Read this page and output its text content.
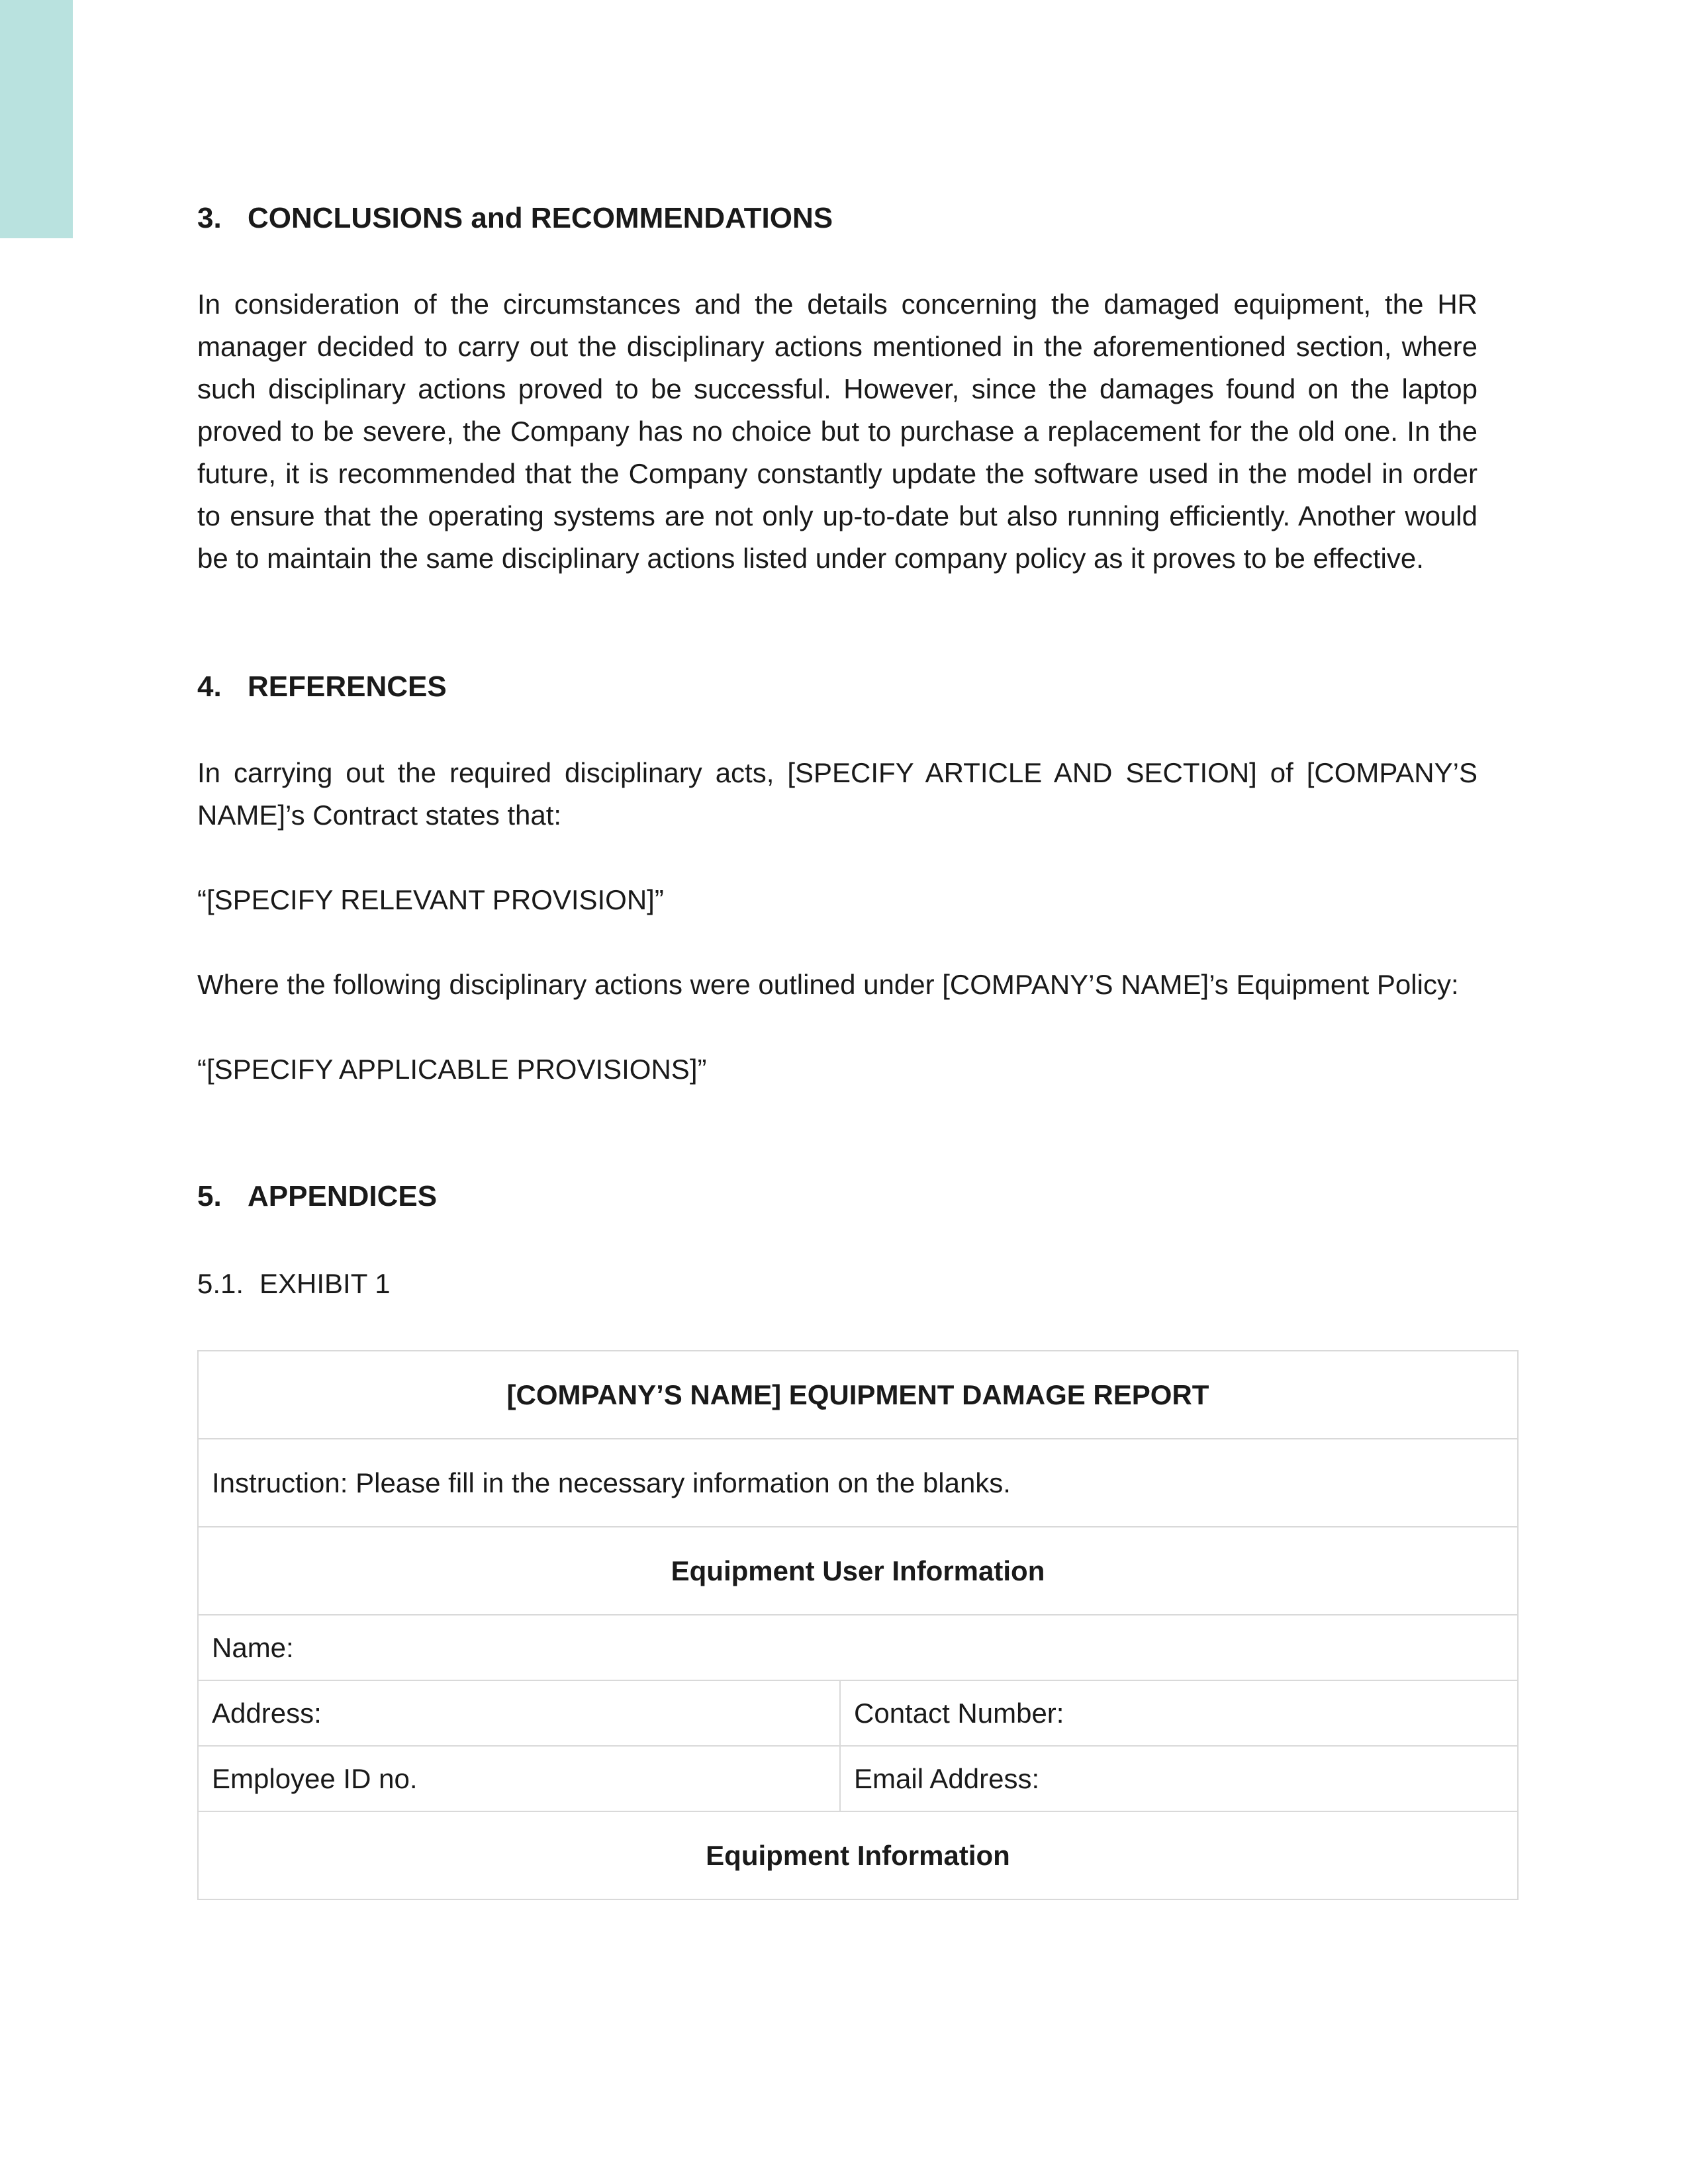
3. CONCLUSIONS and RECOMMENDATIONS

In consideration of the circumstances and the details concerning the damaged equipment, the HR manager decided to carry out the disciplinary actions mentioned in the aforementioned section, where such disciplinary actions proved to be successful. However, since the damages found on the laptop proved to be severe, the Company has no choice but to purchase a replacement for the old one. In the future, it is recommended that the Company constantly update the software used in the model in order to ensure that the operating systems are not only up-to-date but also running efficiently. Another would be to maintain the same disciplinary actions listed under company policy as it proves to be effective.

4. REFERENCES

In carrying out the required disciplinary acts, [SPECIFY ARTICLE AND SECTION] of [COMPANY’S NAME]’s Contract states that:

“[SPECIFY RELEVANT PROVISION]”

Where the following disciplinary actions were outlined under [COMPANY’S NAME]’s Equipment Policy:

“[SPECIFY APPLICABLE PROVISIONS]”

5. APPENDICES

5.1. EXHIBIT 1

[COMPANY’S NAME] EQUIPMENT DAMAGE REPORT	
Instruction: Please fill in the necessary information on the blanks.	
Equipment User Information	
Name:	
Address:	Contact Number:
Employee ID no.	Email Address:
Equipment Information	
